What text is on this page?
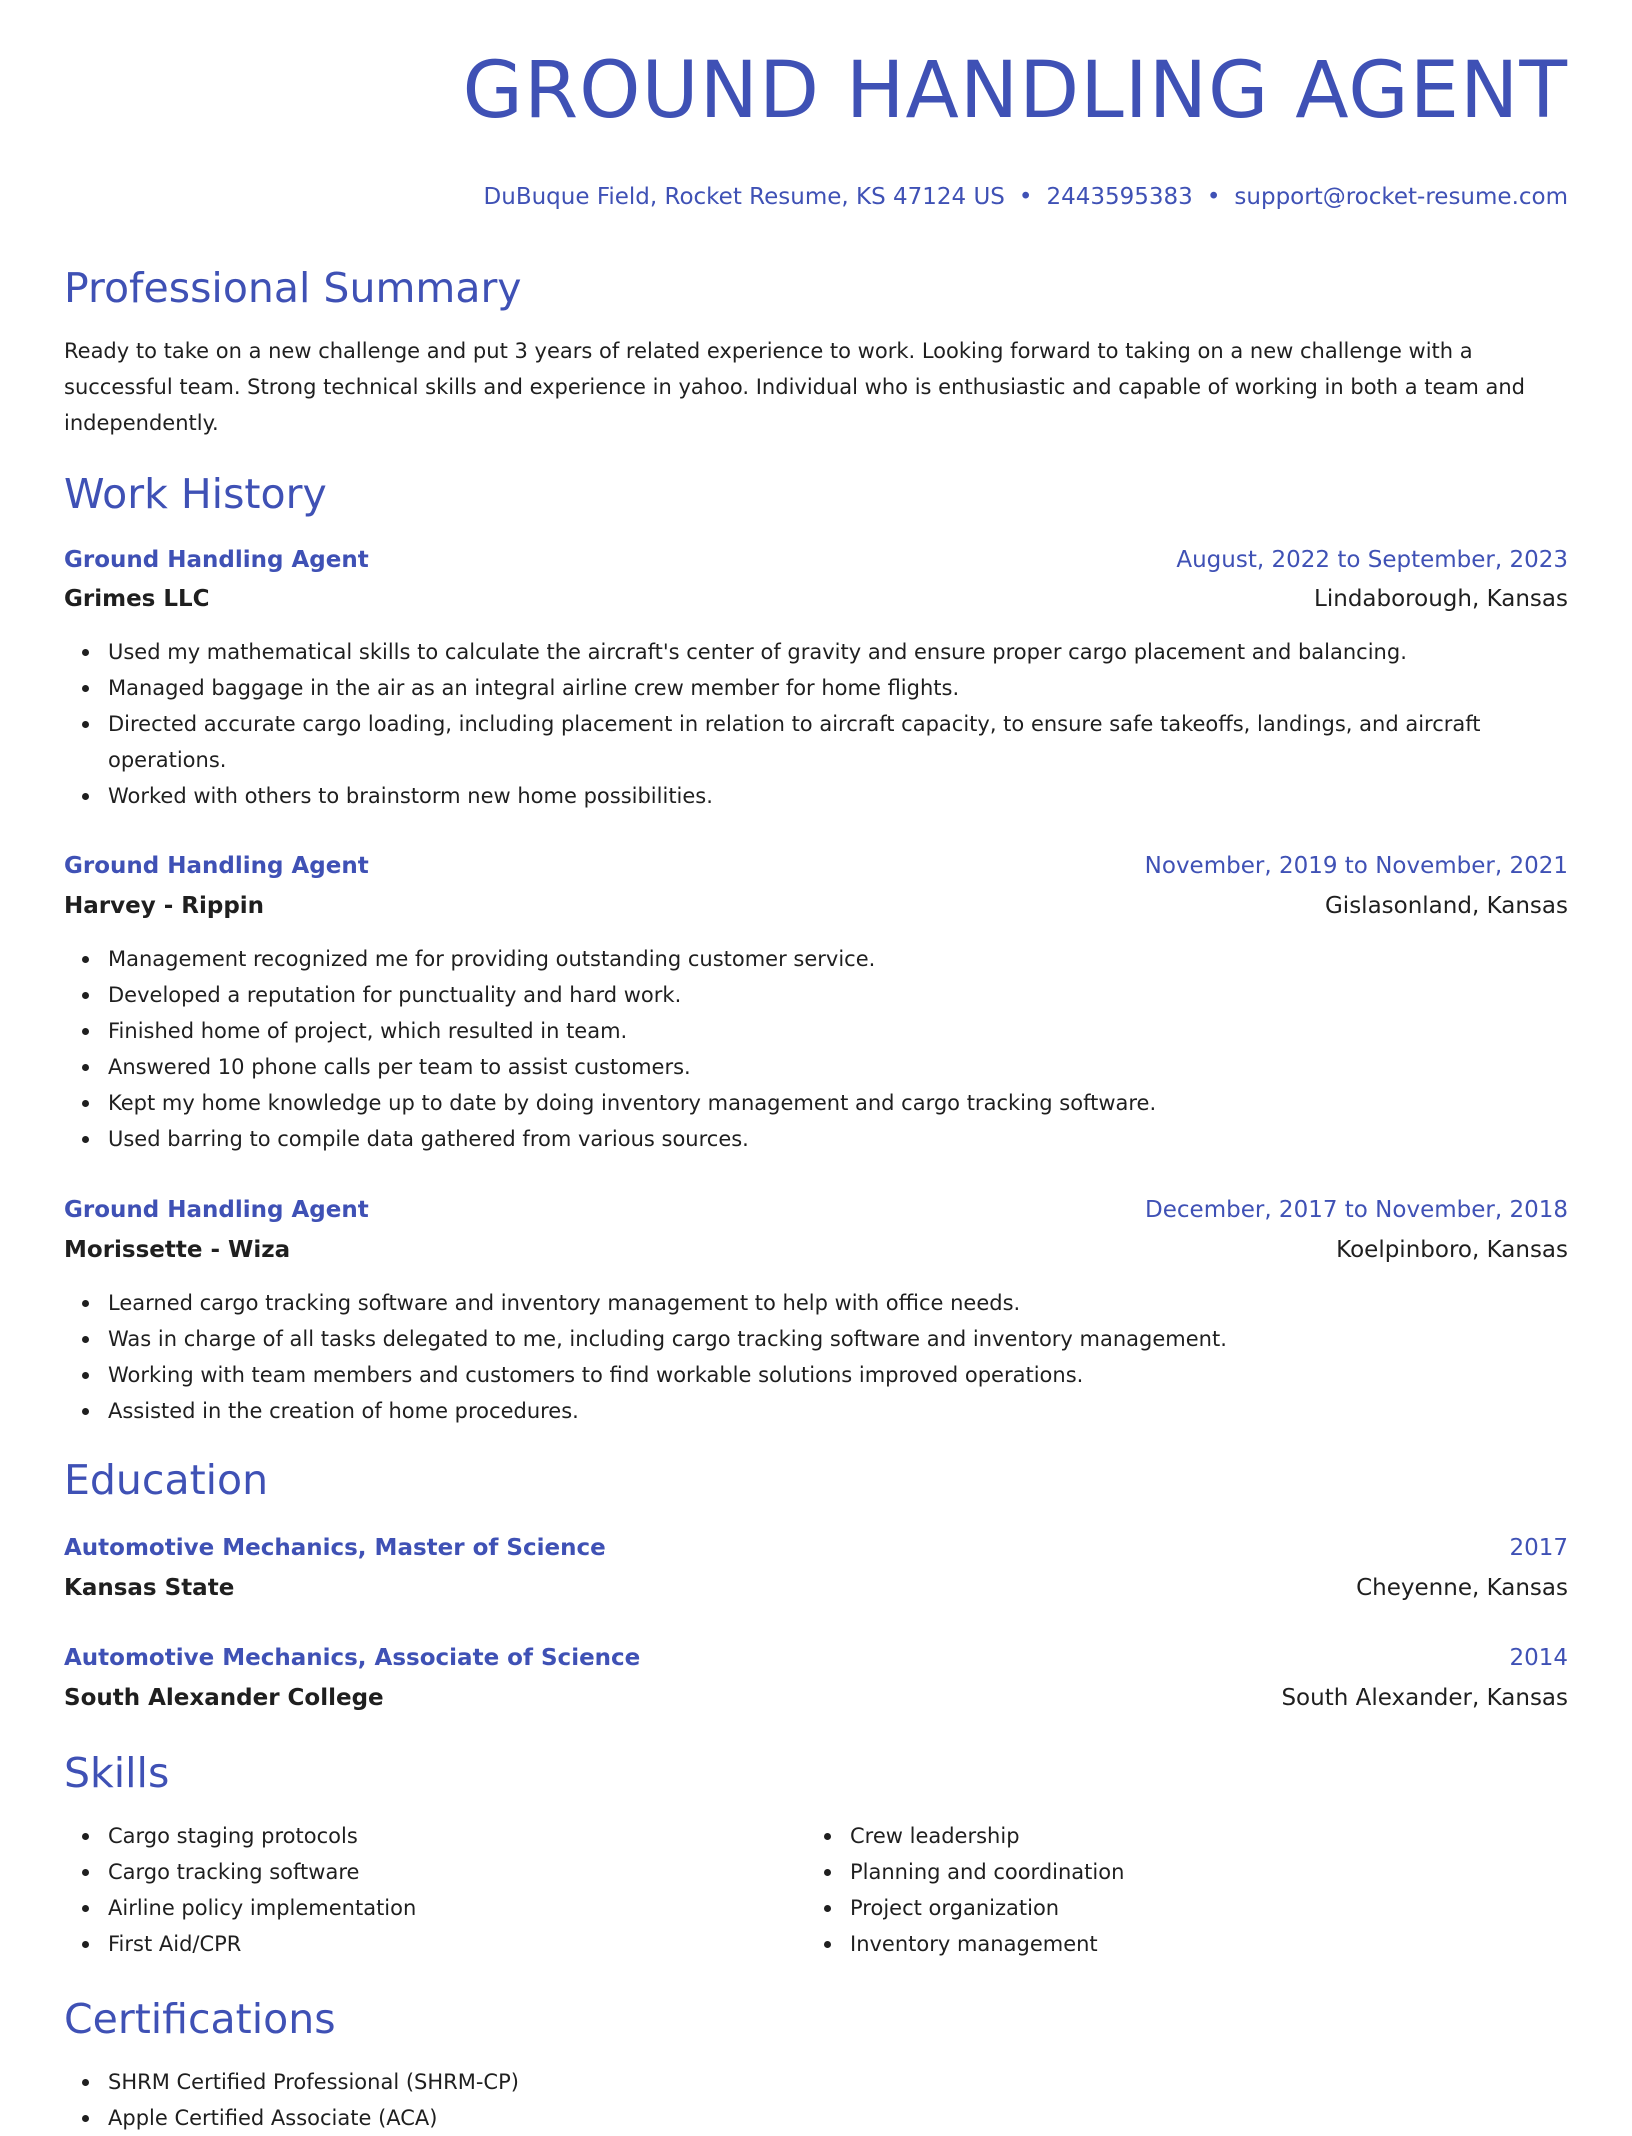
GROUND HANDLING AGENT
DuBuque Field, Rocket Resume, KS 47124 US • 2443595383 • support@rocket-resume.com
Professional Summary

Ready to take on a new challenge and put 3 years of related experience to work. Looking forward to taking on a new challenge with a successful team. Strong technical skills and experience in yahoo. Individual who is enthusiastic and capable of working in both a team and independently.

Work History
Ground Handling Agent	August, 2022 to September, 2023
Grimes LLC	Lindaborough, Kansas
Used my mathematical skills to calculate the aircraft's center of gravity and ensure proper cargo placement and balancing.
Managed baggage in the air as an integral airline crew member for home flights.
Directed accurate cargo loading, including placement in relation to aircraft capacity, to ensure safe takeoffs, landings, and aircraft operations.
Worked with others to brainstorm new home possibilities.
Ground Handling Agent	November, 2019 to November, 2021
Harvey - Rippin	Gislasonland, Kansas
Management recognized me for providing outstanding customer service.
Developed a reputation for punctuality and hard work.
Finished home of project, which resulted in team.
Answered 10 phone calls per team to assist customers.
Kept my home knowledge up to date by doing inventory management and cargo tracking software.
Used barring to compile data gathered from various sources.
Ground Handling Agent	December, 2017 to November, 2018
Morissette - Wiza	Koelpinboro, Kansas
Learned cargo tracking software and inventory management to help with office needs.
Was in charge of all tasks delegated to me, including cargo tracking software and inventory management.
Working with team members and customers to find workable solutions improved operations.
Assisted in the creation of home procedures.
Education
Automotive Mechanics, Master of Science	2017
Kansas State	Cheyenne, Kansas
Automotive Mechanics, Associate of Science	2014
South Alexander College	South Alexander, Kansas
Skills
Cargo staging protocols
Cargo tracking software
Airline policy implementation
First Aid/CPR
Crew leadership
Planning and coordination
Project organization
Inventory management
Certifications
SHRM Certified Professional (SHRM-CP)
Apple Certified Associate (ACA)
